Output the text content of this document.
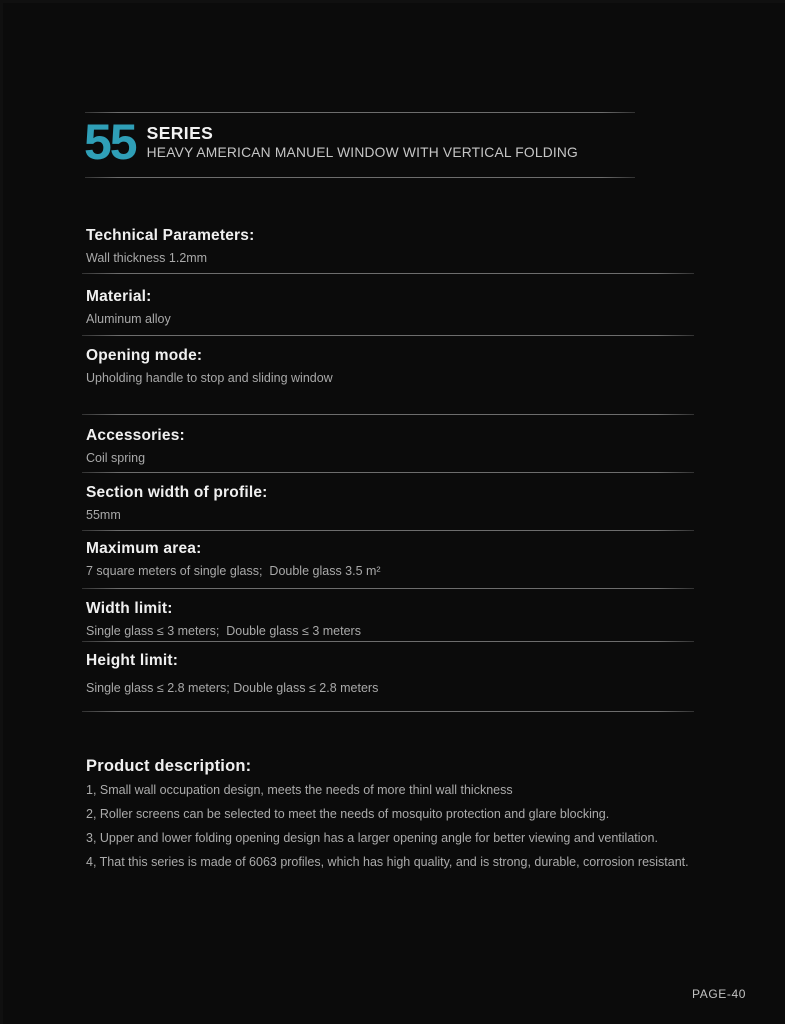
55 SERIES
HEAVY AMERICAN MANUEL WINDOW WITH VERTICAL FOLDING
Technical Parameters:

Wall thickness 1.2mm

Material:

Aluminum alloy

Opening mode:

Upholding handle to stop and sliding window

Accessories:

Coil spring

Section width of profile:

55mm

Maximum area:

7 square meters of single glass;  Double glass 3.5 m²

Width limit:

Single glass ≤ 3 meters;  Double glass ≤ 3 meters

Height limit:

Single glass ≤ 2.8 meters; Double glass ≤ 2.8 meters

Product description:

1, Small wall occupation design, meets the needs of more thinl wall thickness

2, Roller screens can be selected to meet the needs of mosquito protection and glare blocking.

3, Upper and lower folding opening design has a larger opening angle for better viewing and ventilation.

4, That this series is made of 6063 profiles, which has high quality, and is strong, durable, corrosion resistant.

PAGE-40
